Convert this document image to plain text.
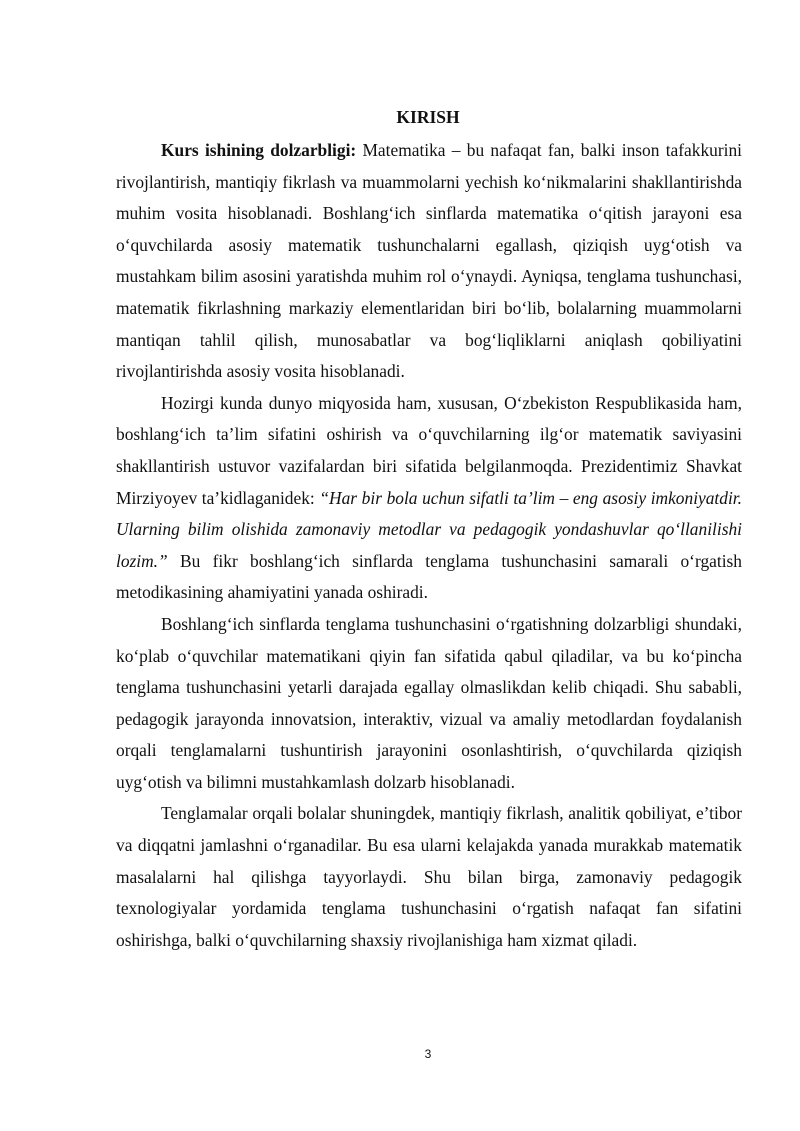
KIRISH

Kurs ishining dolzarbligi: Matematika – bu nafaqat fan, balki inson tafakkurini rivojlantirish, mantiqiy fikrlash va muammolarni yechish ko‘nikmalarini shakllantirishda muhim vosita hisoblanadi. Boshlang‘ich sinflarda matematika o‘qitish jarayoni esa o‘quvchilarda asosiy matematik tushunchalarni egallash, qiziqish uyg‘otish va mustahkam bilim asosini yaratishda muhim rol o‘ynaydi. Ayniqsa, tenglama tushunchasi, matematik fikrlashning markaziy elementlaridan biri bo‘lib, bolalarning muammolarni mantiqan tahlil qilish, munosabatlar va bog‘liqliklarni aniqlash qobiliyatini rivojlantirishda asosiy vosita hisoblanadi.

Hozirgi kunda dunyo miqyosida ham, xususan, O‘zbekiston Respublikasida ham, boshlang‘ich ta’lim sifatini oshirish va o‘quvchilarning ilg‘or matematik saviyasini shakllantirish ustuvor vazifalardan biri sifatida belgilanmoqda. Prezidentimiz Shavkat Mirziyoyev ta’kidlaganidek: “Har bir bola uchun sifatli ta’lim – eng asosiy imkoniyatdir. Ularning bilim olishida zamonaviy metodlar va pedagogik yondashuvlar qo‘llanilishi lozim.” Bu fikr boshlang‘ich sinflarda tenglama tushunchasini samarali o‘rgatish metodikasining ahamiyatini yanada oshiradi.

Boshlang‘ich sinflarda tenglama tushunchasini o‘rgatishning dolzarbligi shundaki, ko‘plab o‘quvchilar matematikani qiyin fan sifatida qabul qiladilar, va bu ko‘pincha tenglama tushunchasini yetarli darajada egallay olmaslikdan kelib chiqadi. Shu sababli, pedagogik jarayonda innovatsion, interaktiv, vizual va amaliy metodlardan foydalanish orqali tenglamalarni tushuntirish jarayonini osonlashtirish, o‘quvchilarda qiziqish uyg‘otish va bilimni mustahkamlash dolzarb hisoblanadi.

Tenglamalar orqali bolalar shuningdek, mantiqiy fikrlash, analitik qobiliyat, e’tibor va diqqatni jamlashni o‘rganadilar. Bu esa ularni kelajakda yanada murakkab matematik masalalarni hal qilishga tayyorlaydi. Shu bilan birga, zamonaviy pedagogik texnologiyalar yordamida tenglama tushunchasini o‘rgatish nafaqat fan sifatini oshirishga, balki o‘quvchilarning shaxsiy rivojlanishiga ham xizmat qiladi.

3
